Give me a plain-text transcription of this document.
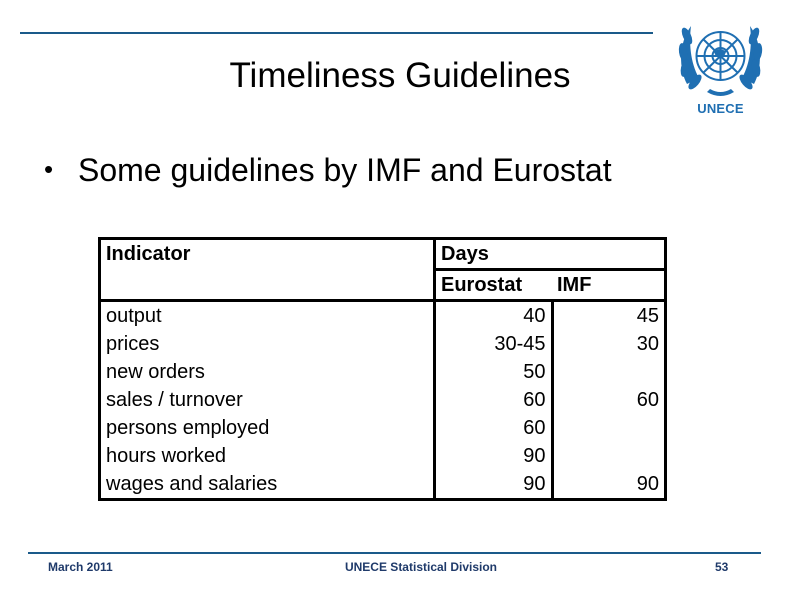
Timeliness Guidelines
UNECE
• Some guidelines by IMF and Eurostat
Indicator	Days	
	Eurostat	IMF
output	40	45
prices	30-45	30
new orders	50	
sales / turnover	60	60
persons employed	60	
hours worked	90	
wages and salaries	90	90
March 2011	UNECE Statistical Division	53
